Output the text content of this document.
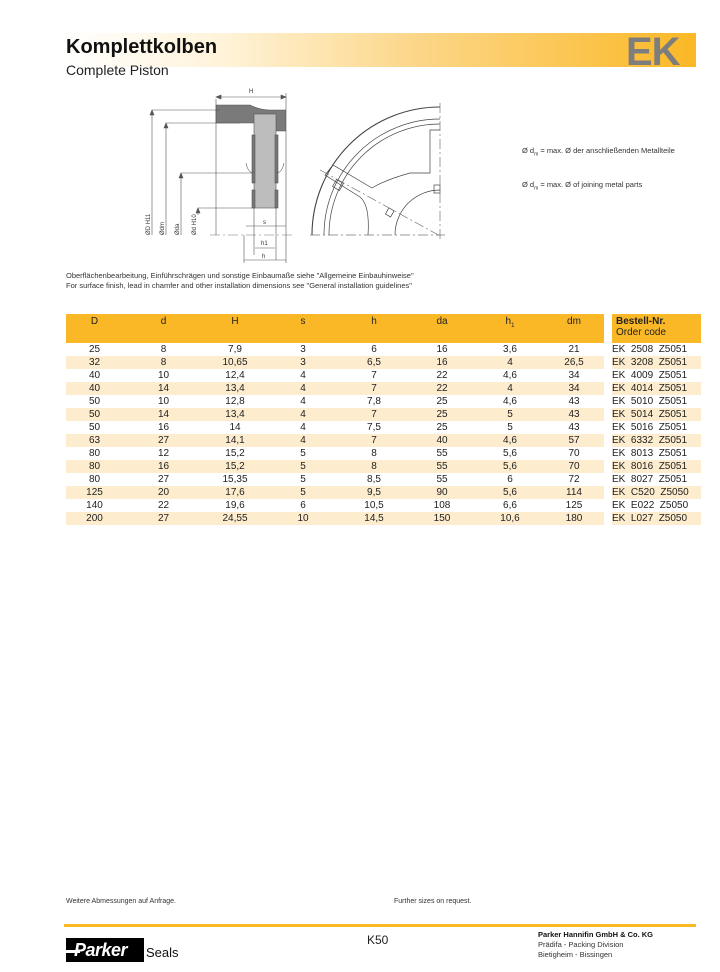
Komplettkolben
Complete Piston	EK
H
s
h1
h
ØD H11 Ødm Øda Ød H10
Ø $d_m = \max$. Ø der anschließenden Metallteile
Ø $d_m = \max$. Ø of joining metal parts
Oberflächenbearbeitung, Einführschrägen und sonstige Einbaumaße siehe "Allgemeine Einbauhinweise"
For surface finish, lead in chamfer and other installation dimensions see "General installation guidelines"
D	d	H	s	h	da	$h_1$	dm		Bestell-Nr.
Order code
25	8	7,9	3	6	16	3,6	21		EK  2508  Z5051
32	8	10,65	3	6,5	16	4	26,5		EK  3208  Z5051
40	10	12,4	4	7	22	4,6	34		EK  4009  Z5051
40	14	13,4	4	7	22	4	34		EK  4014  Z5051
50	10	12,8	4	7,8	25	4,6	43		EK  5010  Z5051
50	14	13,4	4	7	25	5	43		EK  5014  Z5051
50	16	14	4	7,5	25	5	43		EK  5016  Z5051
63	27	14,1	4	7	40	4,6	57		EK  6332  Z5051
80	12	15,2	5	8	55	5,6	70		EK  8013  Z5051
80	16	15,2	5	8	55	5,6	70		EK  8016  Z5051
80	27	15,35	5	8,5	55	6	72		EK  8027  Z5051
125	20	17,6	5	9,5	90	5,6	114		EK  C520  Z5050
140	22	19,6	6	10,5	108	6,6	125		EK  E022  Z5050
200	27	24,55	10	14,5	150	10,6	180		EK  L027  Z5050
Weitere Abmessungen auf Anfrage.	Further sizes on request.
Parker Seals
K50	Parker Hannifin GmbH & Co. KG
Prädifa - Packing Division
Bietigheim - Bissingen
